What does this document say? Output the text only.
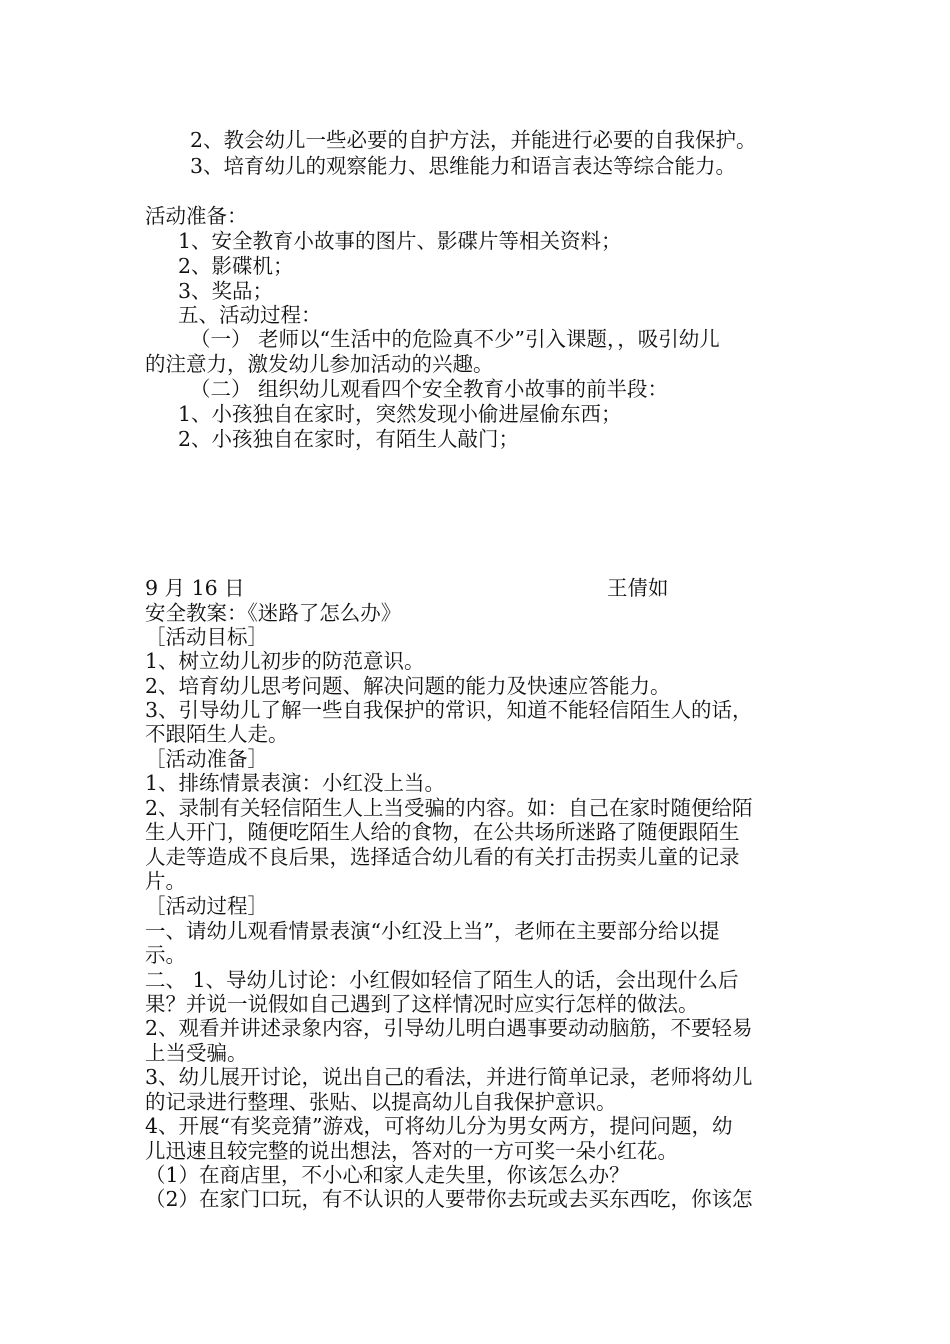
2、教会幼儿一些必要的自护方法，并能进行必要的自我保护。
3、培育幼儿的观察能力、思维能力和语言表达等综合能力。
活动准备：
1、安全教育小故事的图片、影碟片等相关资料；
2、影碟机；
3、奖品；
五、活动过程：
（一） 老师以“生活中的危险真不少”引入课题，，吸引幼儿
的注意力，激发幼儿参加活动的兴趣。
（二） 组织幼儿观看四个安全教育小故事的前半段：
1、小孩独自在家时，突然发现小偷进屋偷东西；
2、小孩独自在家时，有陌生人敲门；
9 月 16 日	王倩如
安全教案：《迷路了怎么办》
［活动目标］
1、树立幼儿初步的防范意识。
2、培育幼儿思考问题、解决问题的能力及快速应答能力。
3、引导幼儿了解一些自我保护的常识，知道不能轻信陌生人的话，
不跟陌生人走。
［活动准备］
1、排练情景表演：小红没上当。
2、录制有关轻信陌生人上当受骗的内容。如：自己在家时随便给陌
生人开门，随便吃陌生人给的食物，在公共场所迷路了随便跟陌生
人走等造成不良后果，选择适合幼儿看的有关打击拐卖儿童的记录
片。
［活动过程］
一、请幼儿观看情景表演“小红没上当”，老师在主要部分给以提
示。
二、 1、导幼儿讨论：小红假如轻信了陌生人的话，会出现什么后
果？并说一说假如自己遇到了这样情况时应实行怎样的做法。
2、观看并讲述录象内容，引导幼儿明白遇事要动动脑筋，不要轻易
上当受骗。
3、幼儿展开讨论，说出自己的看法，并进行简单记录，老师将幼儿
的记录进行整理、张贴、以提高幼儿自我保护意识。
4、开展“有奖竞猜”游戏，可将幼儿分为男女两方，提问问题，幼
儿迅速且较完整的说出想法，答对的一方可奖一朵小红花。
（1）在商店里，不小心和家人走失里，你该怎么办？
（2）在家门口玩，有不认识的人要带你去玩或去买东西吃，你该怎
